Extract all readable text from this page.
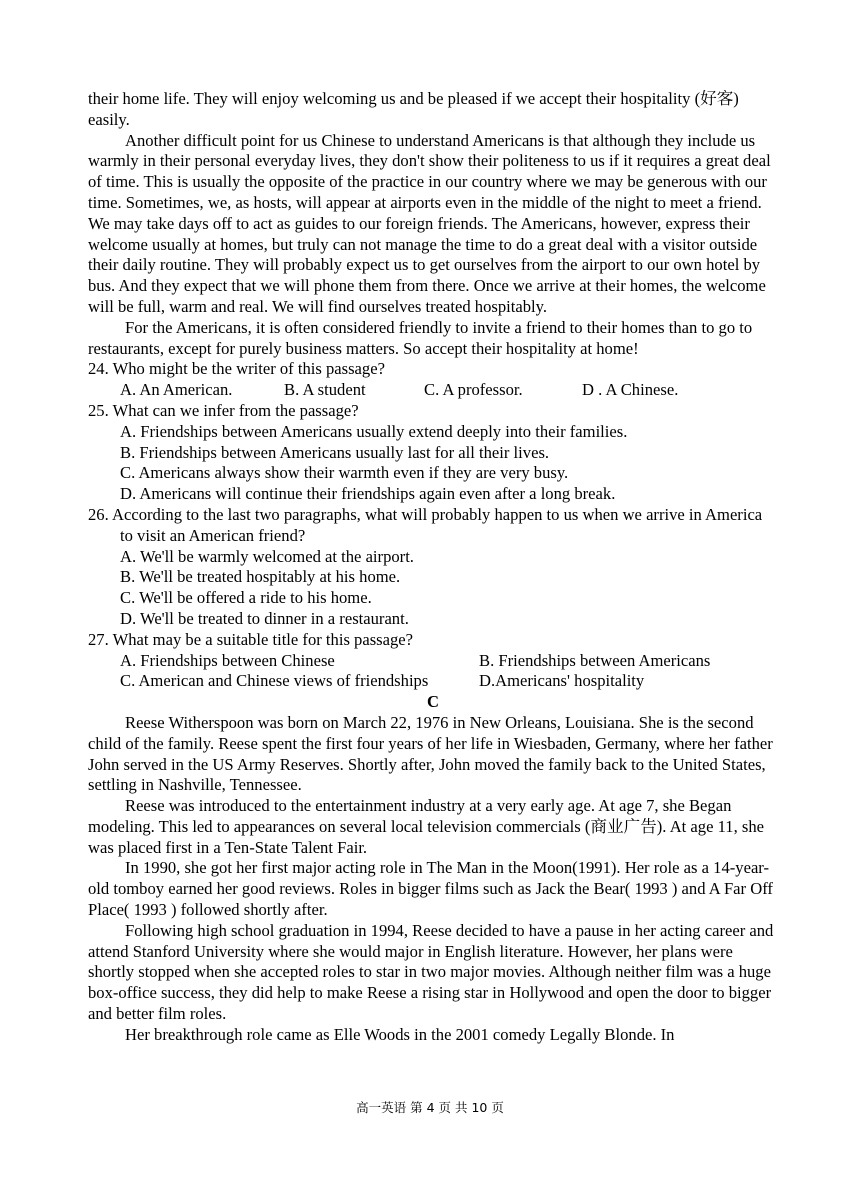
their home life. They will enjoy welcoming us and be pleased if we accept their hospitality (好客) easily.

Another difficult point for us Chinese to understand Americans is that although they include us warmly in their personal everyday lives, they don't show their politeness to us if it requires a great deal of time. This is usually the opposite of the practice in our country where we may be generous with our time. Sometimes, we, as hosts, will appear at airports even in the middle of the night to meet a friend. We may take days off to act as guides to our foreign friends. The Americans, however, express their welcome usually at homes, but truly can not manage the time to do a great deal with a visitor outside their daily routine. They will probably expect us to get ourselves from the airport to our own hotel by bus. And they expect that we will phone them from there. Once we arrive at their homes, the welcome will be full, warm and real. We will find ourselves treated hospitably.

For the Americans, it is often considered friendly to invite a friend to their homes than to go to restaurants, except for purely business matters. So accept their hospitality at home!

24. Who might be the writer of this passage?

A. An American.	B. A student	C. A professor.	D . A Chinese.

25. What can we infer from the passage?

A. Friendships between Americans usually extend deeply into their families.

B. Friendships between Americans usually last for all their lives.

C. Americans always show their warmth even if they are very busy.

D. Americans will continue their friendships again even after a long break.

26. According to the last two paragraphs, what will probably happen to us when we arrive in America to visit an American friend?

A. We'll be warmly welcomed at the airport.

B. We'll be treated hospitably at his home.

C. We'll be offered a ride to his home.

D. We'll be treated to dinner in a restaurant.

27. What may be a suitable title for this passage?

A. Friendships between Chinese	B. Friendships between Americans
C. American and Chinese views of friendships	D.Americans' hospitality

C

Reese Witherspoon was born on March 22, 1976 in New Orleans, Louisiana. She is the second child of the family. Reese spent the first four years of her life in Wiesbaden, Germany, where her father John served in the US Army Reserves. Shortly after, John moved the family back to the United States, settling in Nashville, Tennessee.

Reese was introduced to the entertainment industry at a very early age. At age 7, she Began modeling. This led to appearances on several local television commercials (商业广告). At age 11, she was placed first in a Ten-State Talent Fair.

In 1990, she got her first major acting role in The Man in the Moon(1991). Her role as a 14-year-old tomboy earned her good reviews. Roles in bigger films such as Jack the Bear( 1993 ) and A Far Off Place( 1993 ) followed shortly after.

Following high school graduation in 1994, Reese decided to have a pause in her acting career and attend Stanford University where she would major in English literature. However, her plans were shortly stopped when she accepted roles to star in two major movies. Although neither film was a huge box-office success, they did help to make Reese a rising star in Hollywood and open the door to bigger and better film roles.

Her breakthrough role came as Elle Woods in the 2001 comedy Legally Blonde. In

高一英语 第 4 页 共 10 页
